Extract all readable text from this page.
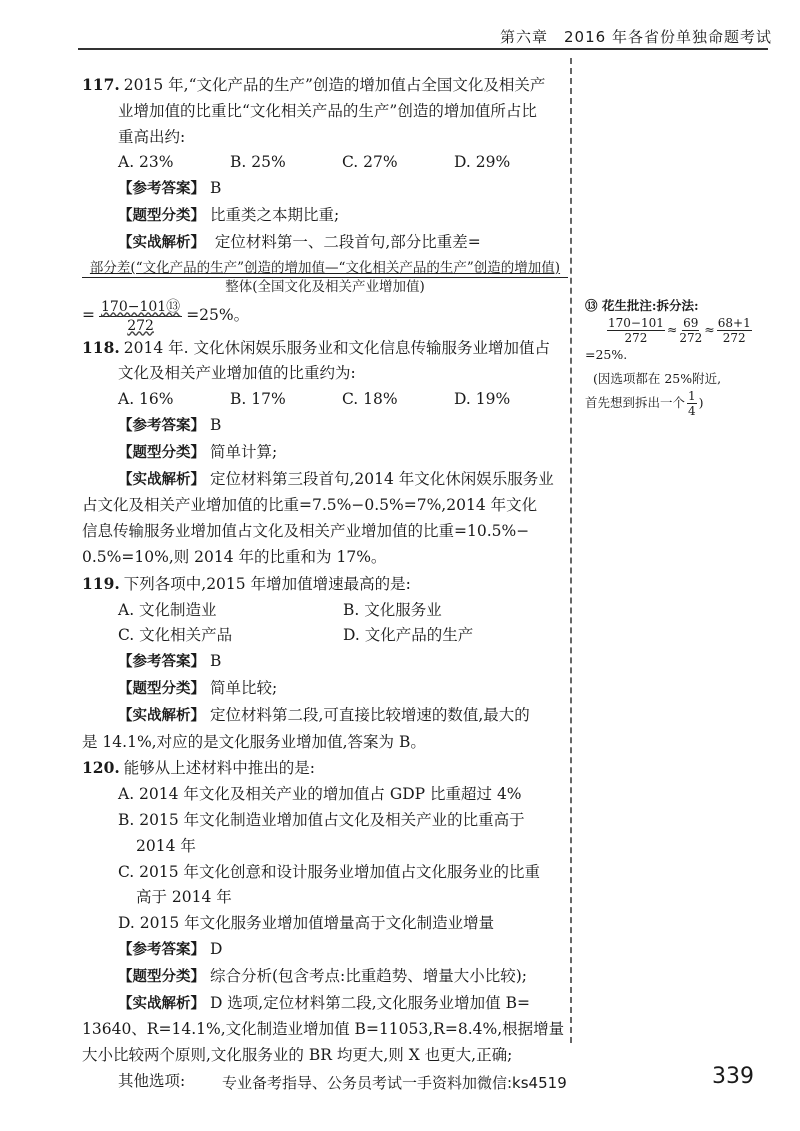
第六章　2016 年各省份单独命题考试

117. 2015 年,“文化产品的生产”创造的增加值占全国文化及相关产

业增加值的比重比“文化相关产品的生产”创造的增加值所占比

重高出约:

A. 23%	B. 25%	C. 27%	D. 29%

【参考答案】 B

【题型分类】 比重类之本期比重;

【实战解析】 定位材料第一、二段首句,部分比重差=

部分差(“文化产品的生产”创造的增加值—“文化相关产品的生产”创造的增加值)
整体(全国文化及相关产业增加值)
= $\frac{\text{170−101⑬}}{272} =25\%$。

118. 2014 年. 文化休闲娱乐服务业和文化信息传输服务业增加值占

文化及相关产业增加值的比重约为:

A. 16%	B. 17%	C. 18%	D. 19%

【参考答案】 B

【题型分类】 简单计算;

【实战解析】 定位材料第三段首句,2014 年文化休闲娱乐服务业

占文化及相关产业增加值的比重=7.5%−0.5%=7%,2014 年文化

信息传输服务业增加值占文化及相关产业增加值的比重=10.5%−

0.5%=10%,则 2014 年的比重和为 17%。

119. 下列各项中,2015 年增加值增速最高的是:

A. 文化制造业	B. 文化服务业
C. 文化相关产品	D. 文化产品的生产

【参考答案】 B

【题型分类】 简单比较;

【实战解析】 定位材料第二段,可直接比较增速的数值,最大的

是 14.1%,对应的是文化服务业增加值,答案为 B。

120. 能够从上述材料中推出的是:

A. 2014 年文化及相关产业的增加值占 GDP 比重超过 4%

B. 2015 年文化制造业增加值占文化及相关产业的比重高于

2014 年

C. 2015 年文化创意和设计服务业增加值占文化服务业的比重

高于 2014 年

D. 2015 年文化服务业增加值增量高于文化制造业增量

【参考答案】 D

【题型分类】 综合分析(包含考点:比重趋势、增量大小比较);

【实战解析】 D 选项,定位材料第二段,文化服务业增加值 B=

13640、R=14.1%,文化制造业增加值 B=11053,R=8.4%,根据增量

大小比较两个原则,文化服务业的 BR 均更大,则 X 也更大,正确;

其他选项:

⑬ 花生批注:拆分法:
$\frac{170-101}{272} \approx \frac{69}{272} \approx \frac{68+1}{272}$
=25%.
(因选项都在 25%附近,
首先想到拆出一个 $\frac{1}{4}$ )
专业备考指导、公务员考试一手资料加微信:ks4519	339
